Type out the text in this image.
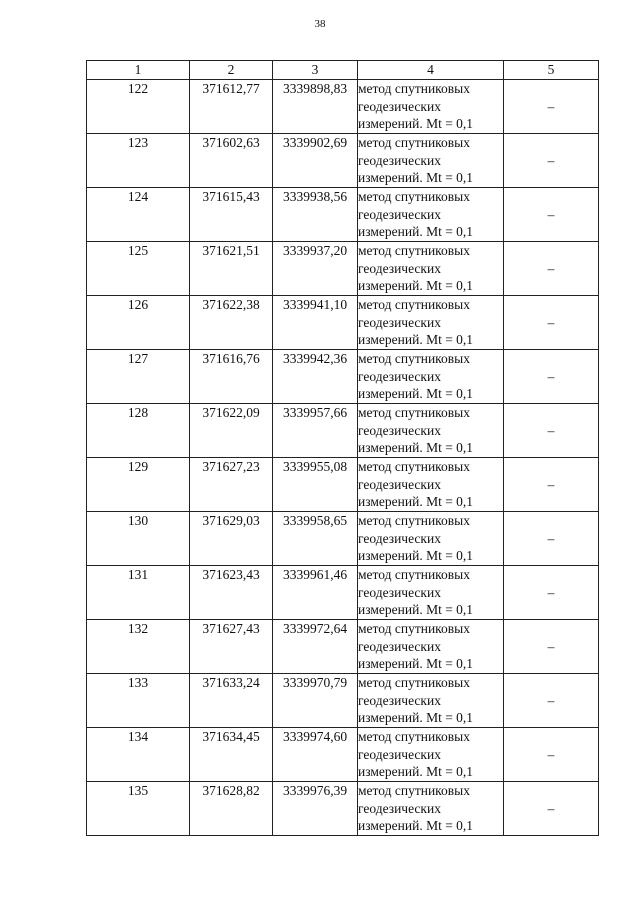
38
1	2	3	4	5
122	371612,77	3339898,83	метод спутниковых
геодезических
измерений. Mt = 0,1	–
123	371602,63	3339902,69	метод спутниковых
геодезических
измерений. Mt = 0,1	–
124	371615,43	3339938,56	метод спутниковых
геодезических
измерений. Mt = 0,1	–
125	371621,51	3339937,20	метод спутниковых
геодезических
измерений. Mt = 0,1	–
126	371622,38	3339941,10	метод спутниковых
геодезических
измерений. Mt = 0,1	–
127	371616,76	3339942,36	метод спутниковых
геодезических
измерений. Mt = 0,1	–
128	371622,09	3339957,66	метод спутниковых
геодезических
измерений. Mt = 0,1	–
129	371627,23	3339955,08	метод спутниковых
геодезических
измерений. Mt = 0,1	–
130	371629,03	3339958,65	метод спутниковых
геодезических
измерений. Mt = 0,1	–
131	371623,43	3339961,46	метод спутниковых
геодезических
измерений. Mt = 0,1	–
132	371627,43	3339972,64	метод спутниковых
геодезических
измерений. Mt = 0,1	–
133	371633,24	3339970,79	метод спутниковых
геодезических
измерений. Mt = 0,1	–
134	371634,45	3339974,60	метод спутниковых
геодезических
измерений. Mt = 0,1	–
135	371628,82	3339976,39	метод спутниковых
геодезических
измерений. Mt = 0,1	–
